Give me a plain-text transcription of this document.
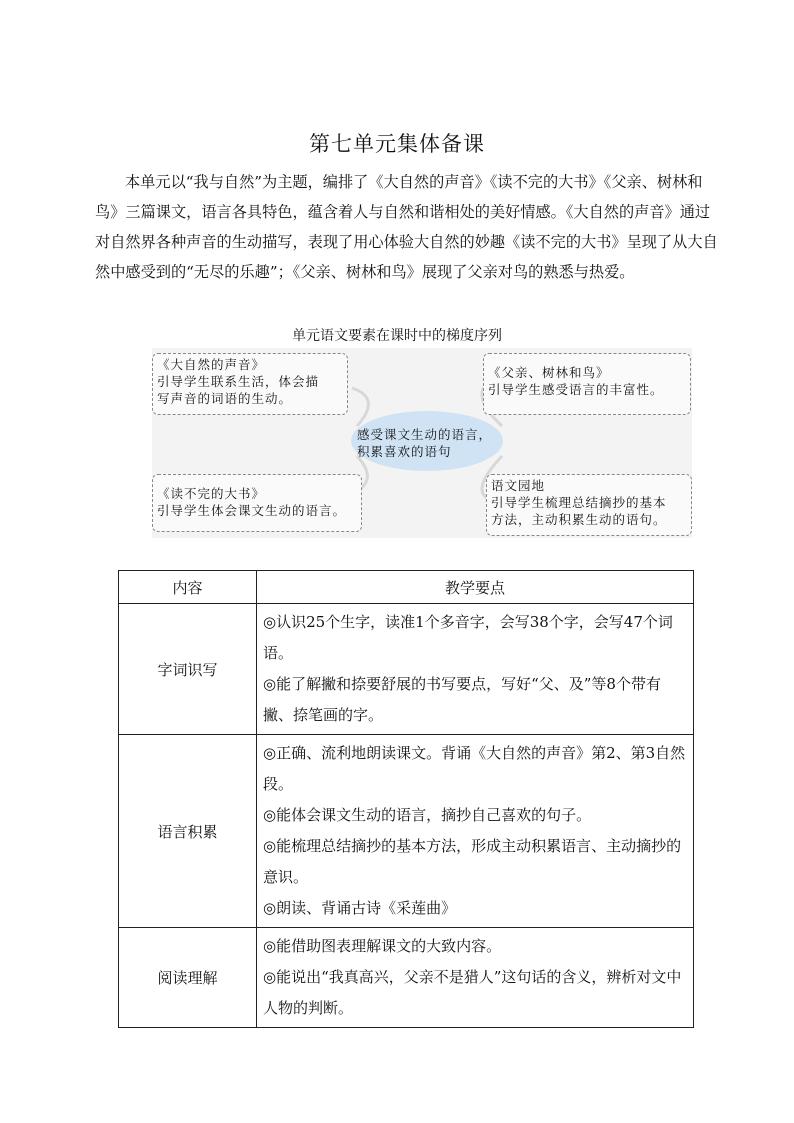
第七单元集体备课

本单元以“我与自然”为主题，编排了《大自然的声音》《读不完的大书》《父亲、树林和鸟》三篇课文，语言各具特色，蕴含着人与自然和谐相处的美好情感。《大自然的声音》通过对自然界各种声音的生动描写，表现了用心体验大自然的妙趣《读不完的大书》呈现了从大自然中感受到的“无尽的乐趣”；《父亲、树林和鸟》展现了父亲对鸟的熟悉与热爱。

单元语文要素在课时中的梯度序列
感受课文生动的语言，
积累喜欢的语句
《大自然的声音》
引导学生联系生活，体会描
写声音的词语的生动。
《父亲、树林和鸟》
引导学生感受语言的丰富性。
《读不完的大书》
引导学生体会课文生动的语言。
语文园地
引导学生梳理总结摘抄的基本
方法，主动积累生动的语句。
内容	教学要点
字词识写	◎认识25个生字，读准1个多音字，会写38个字，会写47个词语。
◎能了解撇和捺要舒展的书写要点，写好“父、及”等8个带有撇、捺笔画的字。

语言积累	◎正确、流利地朗读课文。背诵《大自然的声音》第2、第3自然段。
◎能体会课文生动的语言，摘抄自己喜欢的句子。
◎能梳理总结摘抄的基本方法，形成主动积累语言、主动摘抄的意识。
◎朗读、背诵古诗《采莲曲》

阅读理解	◎能借助图表理解课文的大致内容。
◎能说出“我真高兴，父亲不是猎人”这句话的含义，辨析对文中人物的判断。
